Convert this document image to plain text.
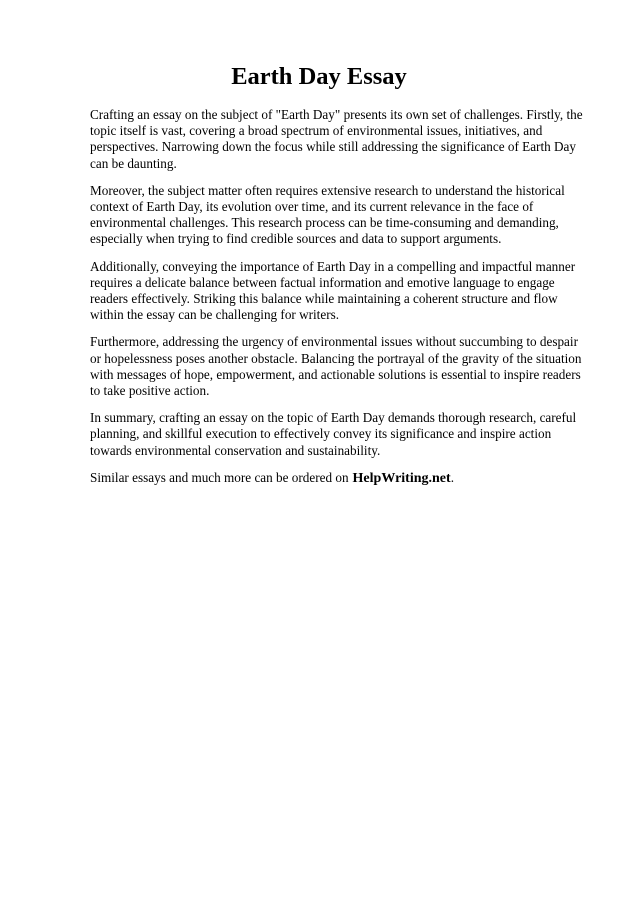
Earth Day Essay

Crafting an essay on the subject of "Earth Day" presents its own set of challenges. Firstly, the topic itself is vast, covering a broad spectrum of environmental issues, initiatives, and perspectives. Narrowing down the focus while still addressing the significance of Earth Day can be daunting.

Moreover, the subject matter often requires extensive research to understand the historical context of Earth Day, its evolution over time, and its current relevance in the face of environmental challenges. This research process can be time-consuming and demanding, especially when trying to find credible sources and data to support arguments.

Additionally, conveying the importance of Earth Day in a compelling and impactful manner requires a delicate balance between factual information and emotive language to engage readers effectively. Striking this balance while maintaining a coherent structure and flow within the essay can be challenging for writers.

Furthermore, addressing the urgency of environmental issues without succumbing to despair or hopelessness poses another obstacle. Balancing the portrayal of the gravity of the situation with messages of hope, empowerment, and actionable solutions is essential to inspire readers to take positive action.

In summary, crafting an essay on the topic of Earth Day demands thorough research, careful planning, and skillful execution to effectively convey its significance and inspire action towards environmental conservation and sustainability.

Similar essays and much more can be ordered on HelpWriting.net.
